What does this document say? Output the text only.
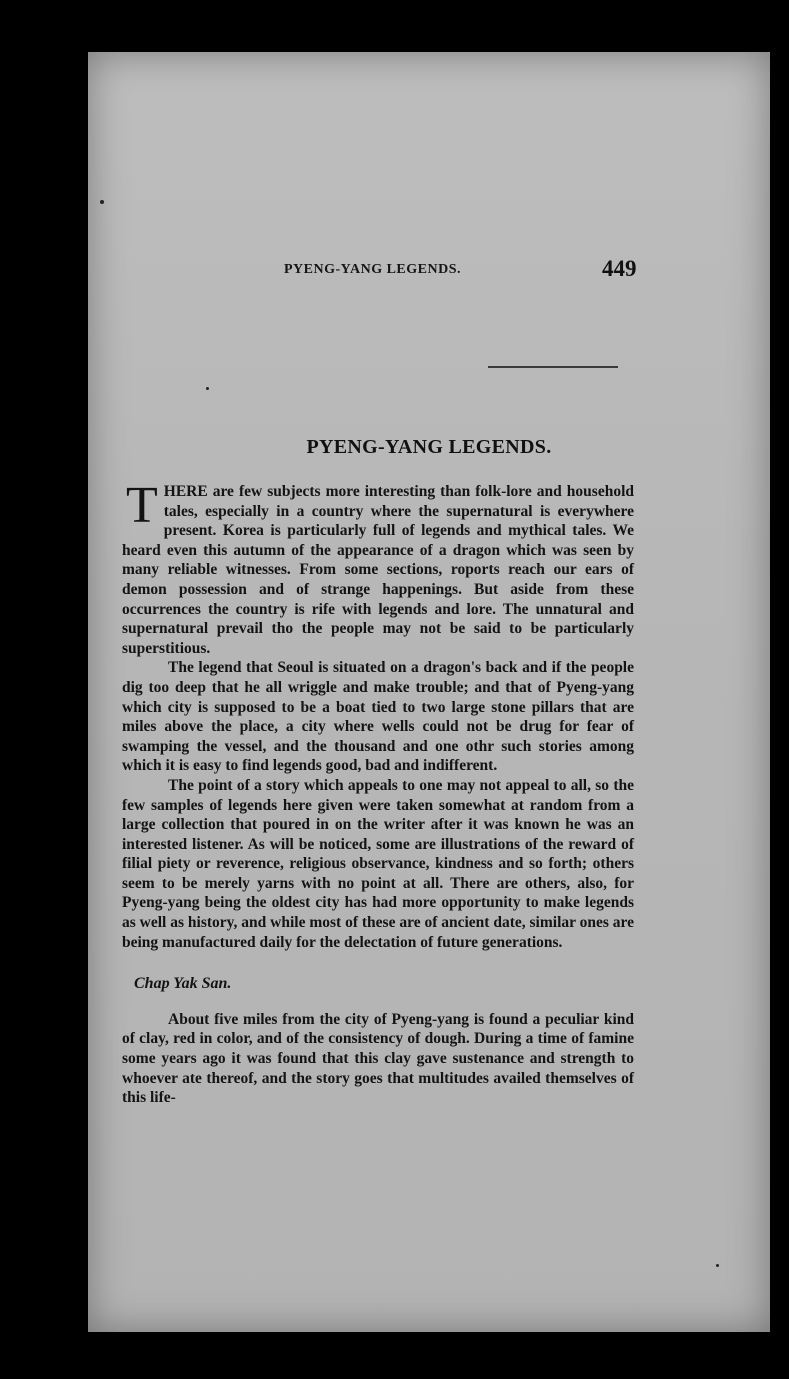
PYENG-YANG LEGENDS.	449
PYENG-YANG LEGENDS.

THERE are few subjects more interesting than folk-lore and household tales, especially in a country where the supernatural is everywhere present. Korea is particularly full of legends and mythical tales. We heard even this autumn of the appearance of a dragon which was seen by many reliable witnesses. From some sections, roports reach our ears of demon possession and of strange happenings. But aside from these occurrences the country is rife with legends and lore. The unnatural and supernatural prevail tho the people may not be said to be particularly superstitious.

The legend that Seoul is situated on a dragon's back and if the people dig too deep that he all wriggle and make trouble; and that of Pyeng-yang which city is supposed to be a boat tied to two large stone pillars that are miles above the place, a city where wells could not be drug for fear of swamping the vessel, and the thousand and one othr such stories among which it is easy to find legends good, bad and indifferent.

The point of a story which appeals to one may not appeal to all, so the few samples of legends here given were taken somewhat at random from a large collection that poured in on the writer after it was known he was an interested listener. As will be noticed, some are illustrations of the reward of filial piety or reverence, religious observance, kindness and so forth; others seem to be merely yarns with no point at all. There are others, also, for Pyeng-yang being the oldest city has had more opportunity to make legends as well as history, and while most of these are of ancient date, similar ones are being manufactured daily for the delectation of future generations.

Chap Yak San.

About five miles from the city of Pyeng-yang is found a peculiar kind of clay, red in color, and of the consistency of dough. During a time of famine some years ago it was found that this clay gave sustenance and strength to whoever ate thereof, and the story goes that multitudes availed themselves of this life-
